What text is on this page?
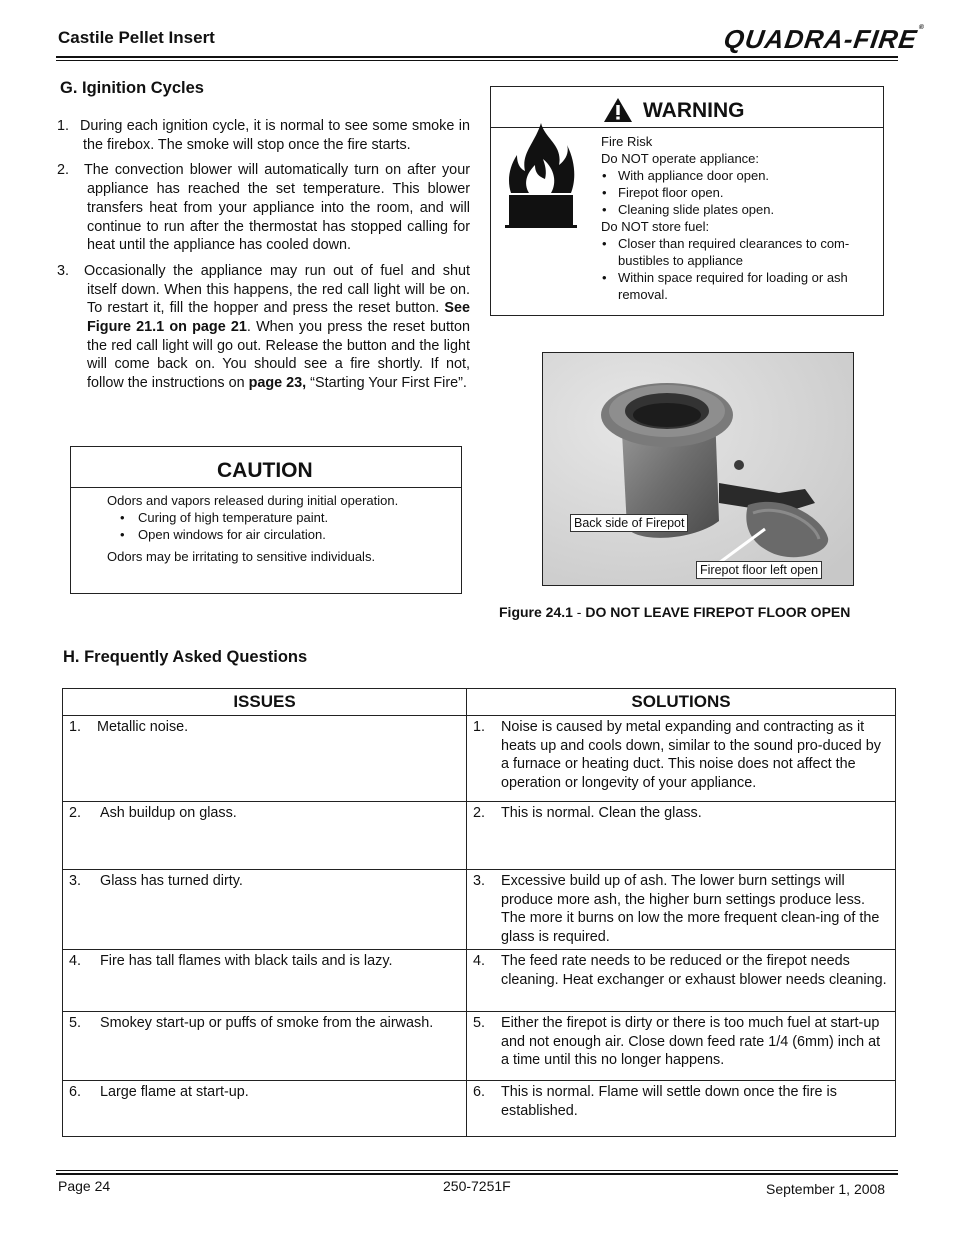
Castile Pellet Insert	QUADRA-FIRE®
G. Iginition Cycles
1. During each ignition cycle, it is normal to see some smoke in the firebox. The smoke will stop once the fire starts.
2. The convection blower will automatically turn on after your appliance has reached the set temperature. This blower transfers heat from your appliance into the room, and will continue to run after the thermostat has stopped calling for heat until the appliance has cooled down.
3. Occasionally the appliance may run out of fuel and shut itself down. When this happens, the red call light will be on. To restart it, fill the hopper and press the reset button. See Figure 21.1 on page 21. When you press the reset button the red call light will go out. Release the button and the light will come back on. You should see a fire shortly. If not, follow the instructions on page 23, “Starting Your First Fire”.
WARNING
Fire Risk
Do NOT operate appliance:
• With appliance door open.
• Firepot floor open.
• Cleaning slide plates open.
Do NOT store fuel:
• Closer than required clearances to com-bustibles to appliance
• Within space required for loading or ash removal.
CAUTION
Odors and vapors released during initial operation.
• Curing of high temperature paint.
• Open windows for air circulation.
Odors may be irritating to sensitive individuals.
Back side of Firepot
Firepot floor left open
Figure 24.1 - DO NOT LEAVE FIREPOT FLOOR OPEN
H. Frequently Asked Questions
ISSUES	SOLUTIONS

1. Metallic noise.	1. Noise is caused by metal expanding and contracting as it heats up and cools down, similar to the sound pro-duced by a furnace or heating duct. This noise does not affect the operation or longevity of your appliance.

2. Ash buildup on glass.	2. This is normal. Clean the glass.

3. Glass has turned dirty.	3. Excessive build up of ash. The lower burn settings will produce more ash, the higher burn settings produce less. The more it burns on low the more frequent clean-ing of the glass is required.

4. Fire has tall flames with black tails and is lazy.	4. The feed rate needs to be reduced or the firepot needs cleaning. Heat exchanger or exhaust blower needs cleaning.

5. Smokey start-up or puffs of smoke from the airwash.	5. Either the firepot is dirty or there is too much fuel at start-up and not enough air. Close down feed rate 1/4 (6mm) inch at a time until this no longer happens.

6. Large flame at start-up.	6. This is normal. Flame will settle down once the fire is established.
Page 24	250-7251F	September 1, 2008
